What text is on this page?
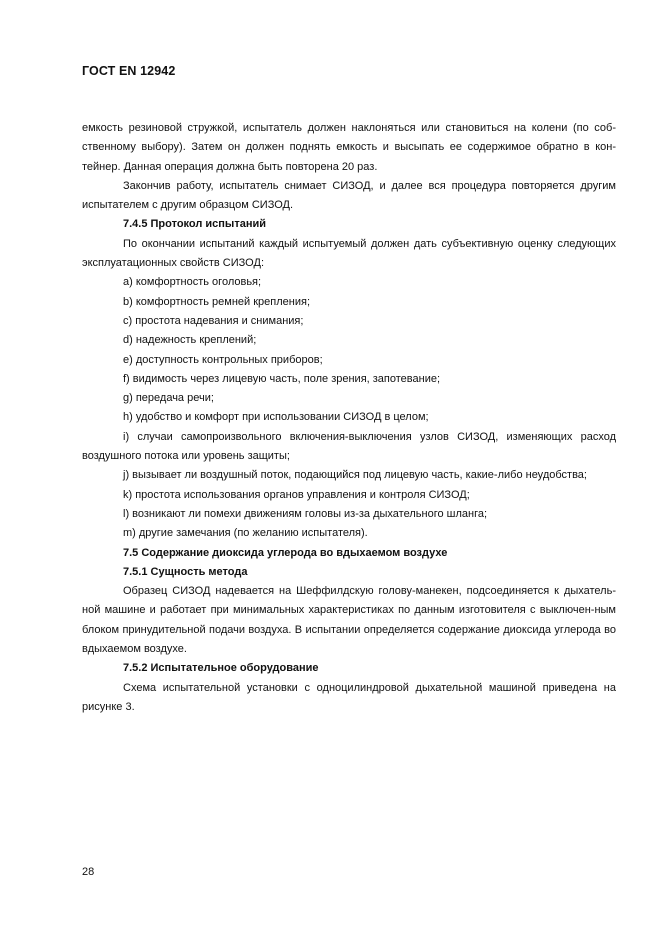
ГОСТ EN 12942

емкость резиновой стружкой, испытатель должен наклоняться или становиться на колени (по соб-ственному выбору). Затем он должен поднять емкость и высыпать ее содержимое обратно в кон-тейнер. Данная операция должна быть повторена 20 раз.

Закончив работу, испытатель снимает СИЗОД, и далее вся процедура повторяется другим испытателем с другим образцом СИЗОД.

7.4.5 Протокол испытаний

По окончании испытаний каждый испытуемый должен дать субъективную оценку следующих эксплуатационных свойств СИЗОД:

a) комфортность оголовья;

b) комфортность ремней крепления;

c) простота надевания и снимания;

d) надежность креплений;

e) доступность контрольных приборов;

f) видимость через лицевую часть, поле зрения, запотевание;

g) передача речи;

h) удобство и комфорт при использовании СИЗОД в целом;

i) случаи самопроизвольного включения-выключения узлов СИЗОД, изменяющих расход воздушного потока или уровень защиты;

j) вызывает ли воздушный поток, подающийся под лицевую часть, какие-либо неудобства;

k) простота использования органов управления и контроля СИЗОД;

l) возникают ли помехи движениям головы из-за дыхательного шланга;

m) другие замечания (по желанию испытателя).

7.5 Содержание диоксида углерода во вдыхаемом воздухе

7.5.1 Сущность метода

Образец СИЗОД надевается на Шеффилдскую голову-манекен, подсоединяется к дыхатель-ной машине и работает при минимальных характеристиках по данным изготовителя с выключен-ным блоком принудительной подачи воздуха. В испытании определяется содержание диоксида углерода во вдыхаемом воздухе.

7.5.2 Испытательное оборудование

Схема испытательной установки с одноцилиндровой дыхательной машиной приведена на рисунке 3.

28
